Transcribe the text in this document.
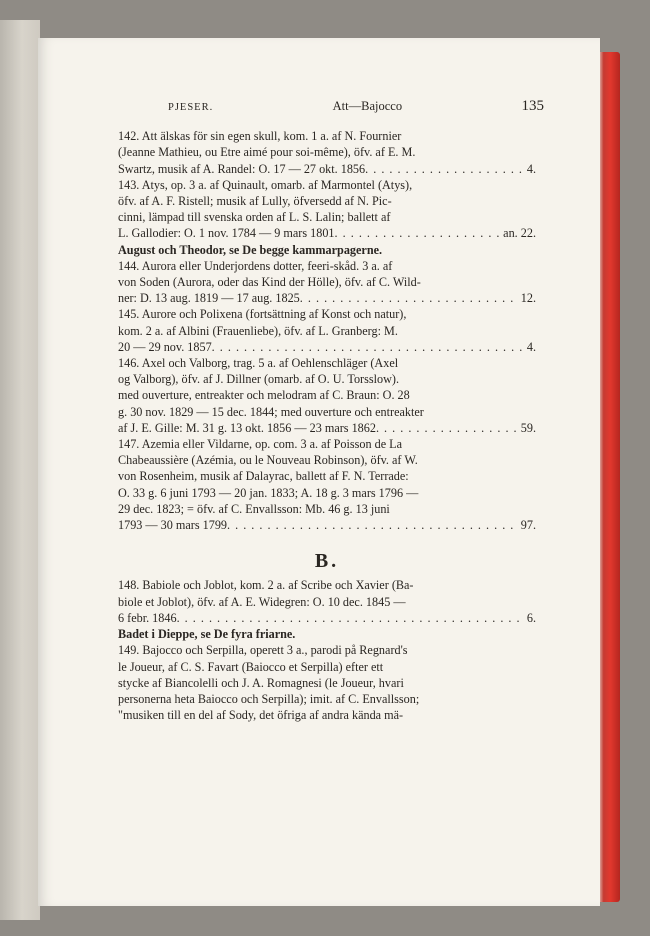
PJESER.	Att—Bajocco	135
142. Att älskas för sin egen skull, kom. 1 a. af N. Fournier
(Jeanne Mathieu, ou Etre aimé pour soi-même), öfv. af E. M.
Swartz, musik af A. Randel: O. 17 — 27 okt. 1856 . . .	4.
143. Atys, op. 3 a. af Quinault, omarb. af Marmontel (Atys),
öfv. af A. F. Ristell; musik af Lully, öfversedd af N. Pic-
cinni, lämpad till svenska orden af L. S. Lalin; ballett af
L. Gallodier: O. 1 nov. 1784 — 9 mars 1801 . . .	an. 22.
August och Theodor, se De begge kammarpagerne.
144. Aurora eller Underjordens dotter, feeri-skåd. 3 a. af
von Soden (Aurora, oder das Kind der Hölle), öfv. af C. Wild-
ner: D. 13 aug. 1819 — 17 aug. 1825 . . .	12.
145. Aurore och Polixena (fortsättning af Konst och natur),
kom. 2 a. af Albini (Frauenliebe), öfv. af L. Granberg: M.
20 — 29 nov. 1857 . . .	4.
146. Axel och Valborg, trag. 5 a. af Oehlenschläger (Axel
og Valborg), öfv. af J. Dillner (omarb. af O. U. Torsslow).
med ouverture, entreakter och melodram af C. Braun: O. 28
g. 30 nov. 1829 — 15 dec. 1844; med ouverture och entreakter
af J. E. Gille: M. 31 g. 13 okt. 1856 — 23 mars 1862 . . .	59.
147. Azemia eller Vildarne, op. com. 3 a. af Poisson de La
Chabeaussière (Azémia, ou le Nouveau Robinson), öfv. af W.
von Rosenheim, musik af Dalayrac, ballett af F. N. Terrade:
O. 33 g. 6 juni 1793 — 20 jan. 1833; A. 18 g. 3 mars 1796 —
29 dec. 1823; = öfv. af C. Envallsson: Mb. 46 g. 13 juni
1793 — 30 mars 1799 . . .	97.
B.
148. Babiole och Joblot, kom. 2 a. af Scribe och Xavier (Ba-
biole et Joblot), öfv. af A. E. Widegren: O. 10 dec. 1845 —
6 febr. 1846 . . .	6.
Badet i Dieppe, se De fyra friarne.
149. Bajocco och Serpilla, operett 3 a., parodi på Regnard's
le Joueur, af C. S. Favart (Baiocco et Serpilla) efter ett
stycke af Biancolelli och J. A. Romagnesi (le Joueur, hvari
personerna heta Baiocco och Serpilla); imit. af C. Envallsson;
"musiken till en del af Sody, det öfriga af andra kända mä-
